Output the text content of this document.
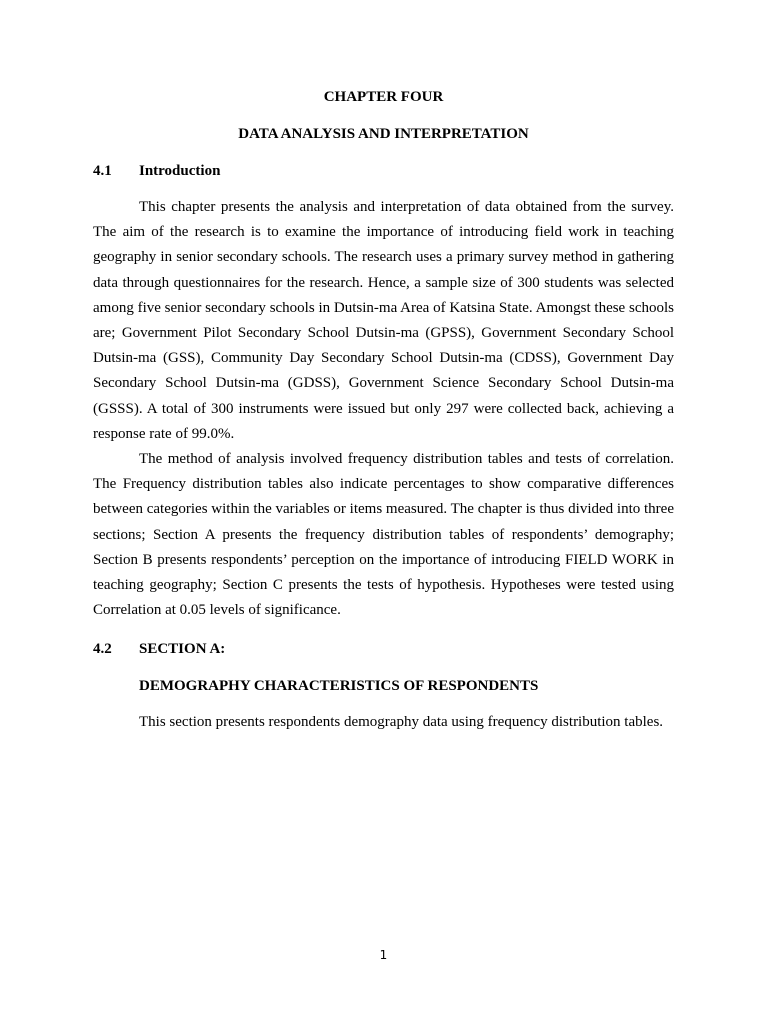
CHAPTER FOUR

DATA ANALYSIS AND INTERPRETATION

4.1 Introduction

This chapter presents the analysis and interpretation of data obtained from the survey. The aim of the research is to examine the importance of introducing field work in teaching geography in senior secondary schools. The research uses a primary survey method in gathering data through questionnaires for the research. Hence, a sample size of 300 students was selected among five senior secondary schools in Dutsin-ma Area of Katsina State. Amongst these schools are; Government Pilot Secondary School Dutsin-ma (GPSS), Government Secondary School Dutsin-ma (GSS), Community Day Secondary School Dutsin-ma (CDSS), Government Day Secondary School Dutsin-ma (GDSS), Government Science Secondary School Dutsin-ma (GSSS). A total of 300 instruments were issued but only 297 were collected back, achieving a response rate of 99.0%.

The method of analysis involved frequency distribution tables and tests of correlation. The Frequency distribution tables also indicate percentages to show comparative differences between categories within the variables or items measured. The chapter is thus divided into three sections; Section A presents the frequency distribution tables of respondents’ demography; Section B presents respondents’ perception on the importance of introducing FIELD WORK in teaching geography; Section C presents the tests of hypothesis. Hypotheses were tested using Correlation at 0.05 levels of significance.

4.2 SECTION A:

DEMOGRAPHY CHARACTERISTICS OF RESPONDENTS

This section presents respondents demography data using frequency distribution tables.

1
